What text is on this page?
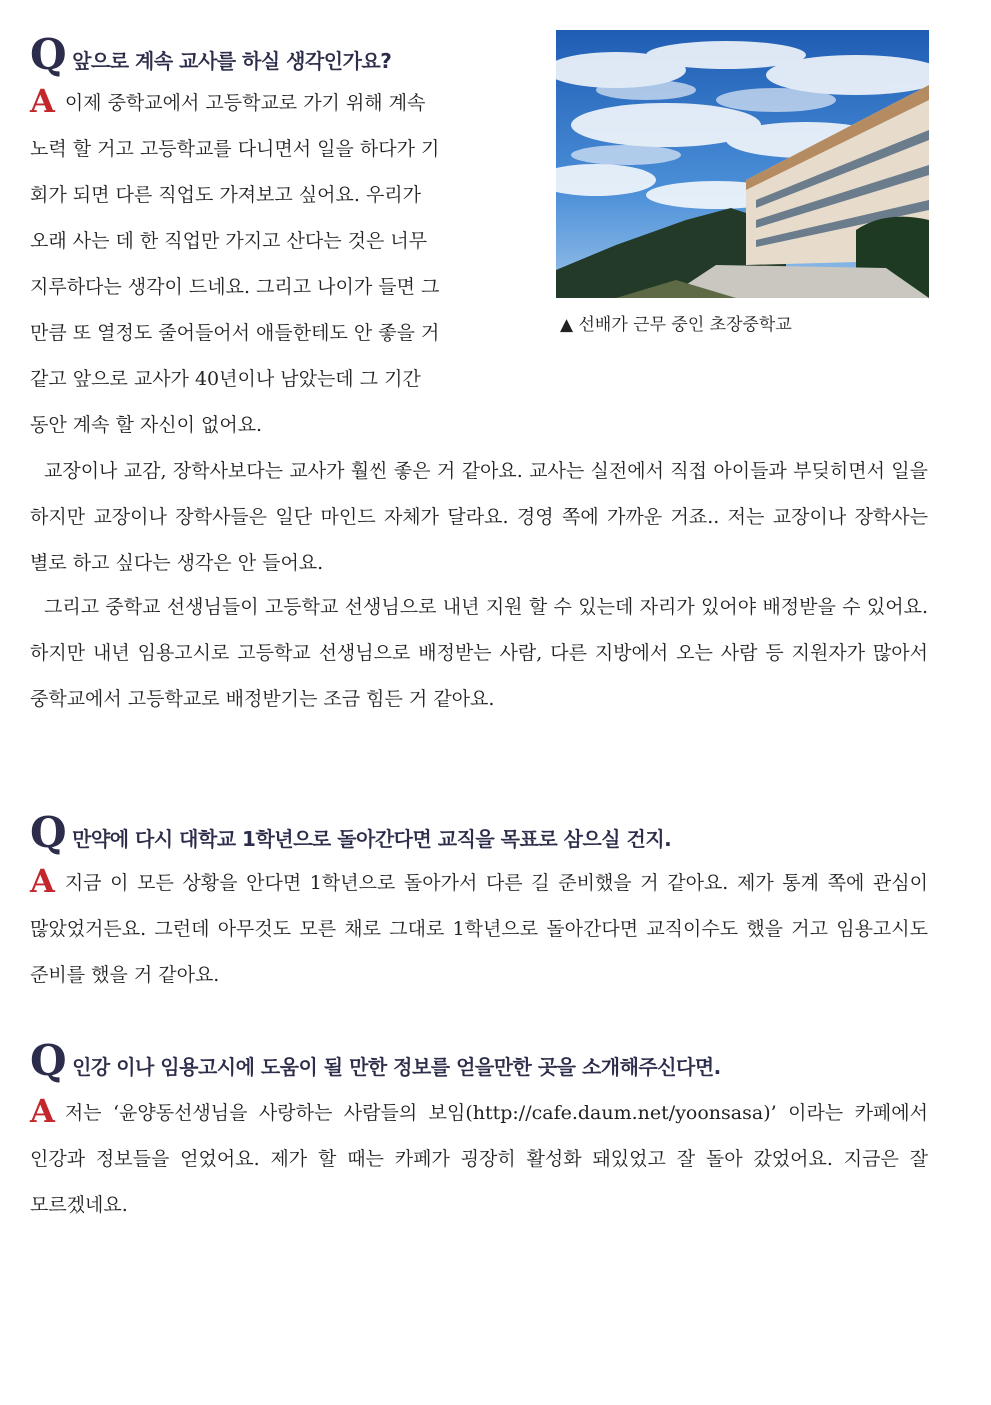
Q 앞으로 계속 교사를 하실 생각인가요?
A이제 중학교에서 고등학교로 가기 위해 계속
노력 할 거고 고등학교를 다니면서 일을 하다가 기
회가 되면 다른 직업도 가져보고 싶어요. 우리가
오래 사는 데 한 직업만 가지고 산다는 것은 너무
지루하다는 생각이 드네요. 그리고 나이가 들면 그
만큼 또 열정도 줄어들어서 애들한테도 안 좋을 거
같고 앞으로 교사가 40년이나 남았는데 그 기간
동안 계속 할 자신이 없어요.
▲ 선배가 근무 중인 초장중학교
교장이나 교감, 장학사보다는 교사가 훨씬 좋은 거 같아요. 교사는 실전에서 직접 아이들과 부딪히면서 일을 하지만 교장이나 장학사들은 일단 마인드 자체가 달라요. 경영 쪽에 가까운 거죠.. 저는 교장이나 장학사는 별로 하고 싶다는 생각은 안 들어요.
그리고 중학교 선생님들이 고등학교 선생님으로 내년 지원 할 수 있는데 자리가 있어야 배정받을 수 있어요. 하지만 내년 임용고시로 고등학교 선생님으로 배정받는 사람, 다른 지방에서 오는 사람 등 지원자가 많아서 중학교에서 고등학교로 배정받기는 조금 힘든 거 같아요.
Q 만약에 다시 대학교 1학년으로 돌아간다면 교직을 목표로 삼으실 건지.
A지금 이 모든 상황을 안다면 1학년으로 돌아가서 다른 길 준비했을 거 같아요. 제가 통계 쪽에 관심이 많았었거든요. 그런데 아무것도 모른 채로 그대로 1학년으로 돌아간다면 교직이수도 했을 거고 임용고시도 준비를 했을 거 같아요.
Q 인강 이나 임용고시에 도움이 될 만한 정보를 얻을만한 곳을 소개해주신다면.
A저는 ‘윤양동선생님을 사랑하는 사람들의 보임(http://cafe.daum.net/yoonsasa)’ 이라는 카페에서 인강과 정보들을 얻었어요. 제가 할 때는 카페가 굉장히 활성화 돼있었고 잘 돌아 갔었어요. 지금은 잘 모르겠네요.
